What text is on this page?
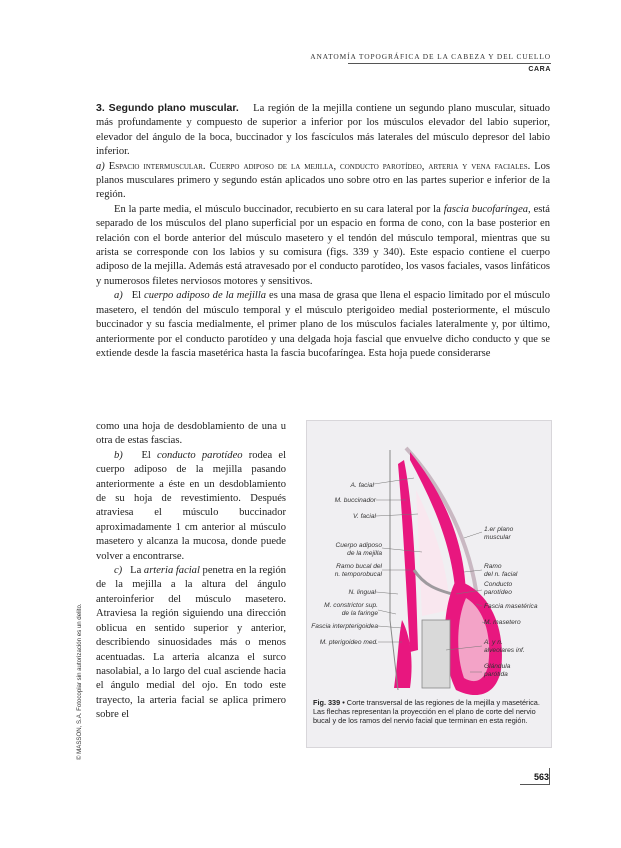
ANATOMÍA TOPOGRÁFICA DE LA CABEZA Y DEL CUELLO
CARA

3. Segundo plano muscular. La región de la mejilla contiene un segundo plano muscular, situado más profundamente y compuesto de superior a inferior por los músculos elevador del labio superior, elevador del ángulo de la boca, buccinador y los fascículos más laterales del músculo depresor del labio inferior.

a) Espacio intermuscular. Cuerpo adiposo de la mejilla, conducto parotídeo, arteria y vena faciales. Los planos musculares primero y segundo están aplicados uno sobre otro en las partes superior e inferior de la región.

En la parte media, el músculo buccinador, recubierto en su cara lateral por la fascia bucofaríngea, está separado de los músculos del plano superficial por un espacio en forma de cono, con la base posterior en relación con el borde anterior del músculo masetero y el tendón del músculo temporal, mientras que su arista se corresponde con los labios y su comisura (figs. 339 y 340). Este espacio contiene el cuerpo adiposo de la mejilla. Además está atravesado por el conducto parotídeo, los vasos faciales, vasos linfáticos y numerosos filetes nerviosos motores y sensitivos.

a) El cuerpo adiposo de la mejilla es una masa de grasa que llena el espacio limitado por el músculo masetero, el tendón del músculo temporal y el músculo pterigoideo medial posteriormente, el músculo buccinador y su fascia medialmente, el primer plano de los músculos faciales lateralmente y, por último, anteriormente por el conducto parotídeo y una delgada hoja fascial que envuelve dicho conducto y que se extiende desde la fascia masetérica hasta la fascia bucofaríngea. Esta hoja puede considerarse

como una hoja de desdoblamiento de una u otra de estas fascias.

b) El conducto parotídeo rodea el cuerpo adiposo de la mejilla pasando anteriormente a éste en un desdoblamiento de su hoja de revestimiento. Después atraviesa el músculo buccinador aproximadamente 1 cm anterior al músculo masetero y alcanza la mucosa, donde puede volver a encontrarse.

c) La arteria facial penetra en la región de la mejilla a la altura del ángulo anteroinferior del músculo masetero. Atraviesa la región siguiendo una dirección oblicua en sentido superior y anterior, describiendo sinuosidades más o menos acentuadas. La arteria alcanza el surco nasolabial, a lo largo del cual asciende hacia el ángulo medial del ojo. En todo este trayecto, la arteria facial se aplica primero sobre el

A. facial
M. buccinador
V. facial
1.er plano
muscular
Cuerpo adiposo
de la mejilla
Ramo bucal del
n. temporobucal
Ramo
del n. facial
Conducto
parotídeo
N. lingual
Fascia masetérica
M. constrictor sup.
de la faringe
Fascia interpterigoidea
M. masetero
M. pterigoideo med.	A. y n.
alveolares inf.
Glándula
parótida
Fig. 339 • Corte transversal de las regiones de la mejilla y masetérica. Las flechas representan la proyección en el plano de corte del nervio bucal y de los ramos del nervio facial que terminan en esta región.
© MASSON, S.A. Fotocopiar sin autorización es un delito.
563
